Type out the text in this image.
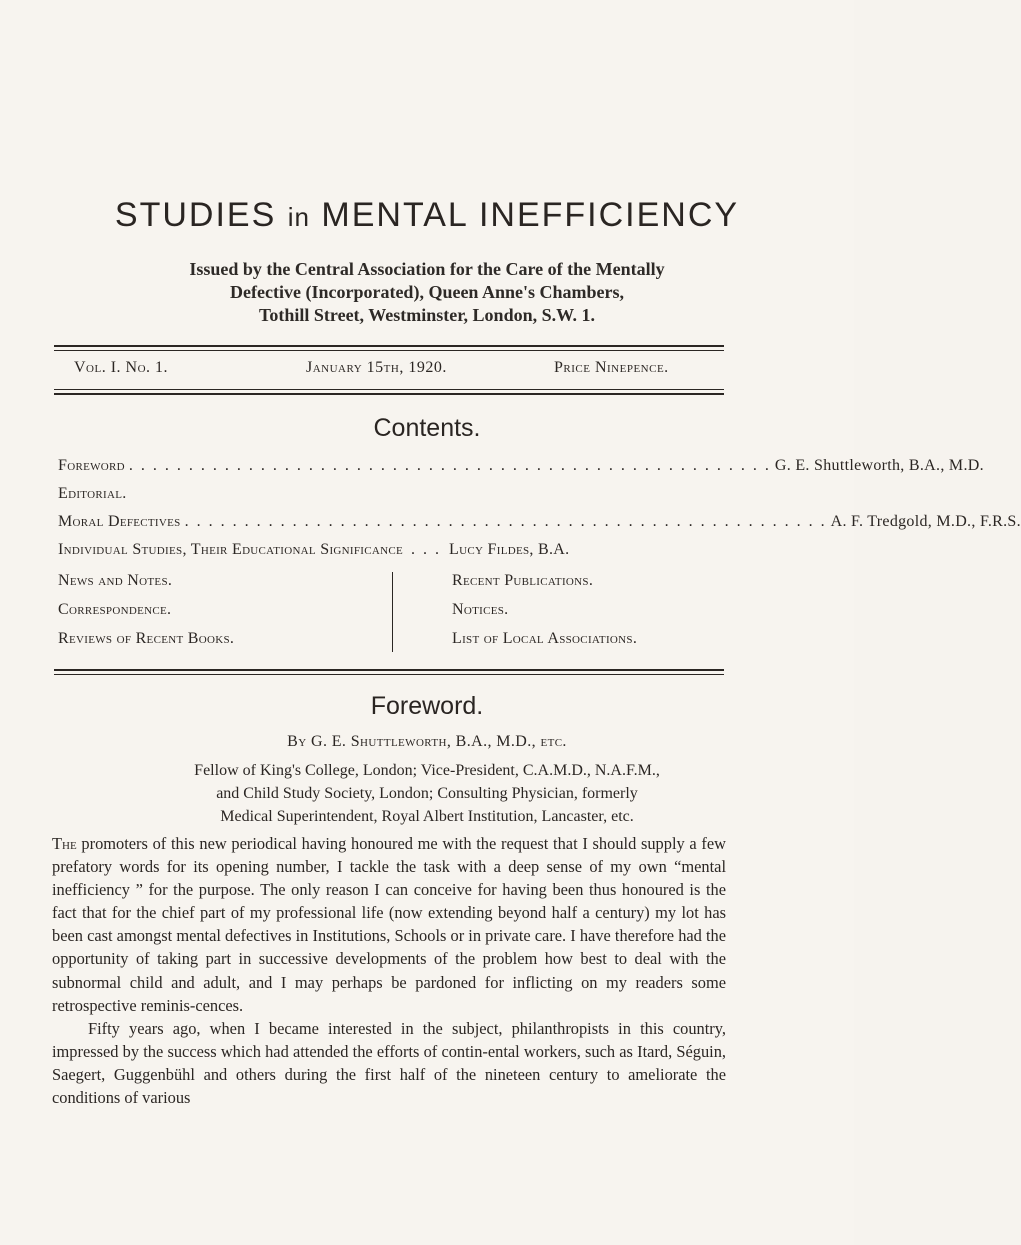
STUDIES in MENTAL INEFFICIENCY
Issued by the Central Association for the Care of the Mentally
Defective (Incorporated), Queen Anne's Chambers,
Tothill Street, Westminster, London, S.W. 1.
Vol. I. No. 1.	January 15th, 1920.	Price Ninepence.
Contents.
Foreword . . . . . . . . . . . . . . . . . . . . . . . . . . . . . . . . . . . . . . . . . . . . . . . . . . . . . . G. E. Shuttleworth, B.A., M.D.
Editorial.
Moral Defectives . . . . . . . . . . . . . . . . . . . . . . . . . . . . . . . . . . . . . . . . . . . . . . . . . . . . . . A. F. Tredgold, M.D., F.R.S.
Individual Studies, Their Educational Significance . . . Lucy Fildes, B.A.
News and Notes.
Correspondence.
Reviews of Recent Books.
Recent Publications.
Notices.
List of Local Associations.
Foreword.
By G. E. Shuttleworth, B.A., M.D., etc.
Fellow of King's College, London; Vice-President, C.A.M.D., N.A.F.M.,
and Child Study Society, London; Consulting Physician, formerly
Medical Superintendent, Royal Albert Institution, Lancaster, etc.

The promoters of this new periodical having honoured me with the request that I should supply a few prefatory words for its opening number, I tackle the task with a deep sense of my own “mental inefficiency ” for the purpose. The only reason I can conceive for having been thus honoured is the fact that for the chief part of my professional life (now extending beyond half a century) my lot has been cast amongst mental defectives in Institutions, Schools or in private care. I have therefore had the opportunity of taking part in successive developments of the problem how best to deal with the subnormal child and adult, and I may perhaps be pardoned for inflicting on my readers some retrospective reminis-cences.

Fifty years ago, when I became interested in the subject, philanthropists in this country, impressed by the success which had attended the efforts of contin-ental workers, such as Itard, Séguin, Saegert, Guggenbühl and others during the first half of the nineteen century to ameliorate the conditions of various
